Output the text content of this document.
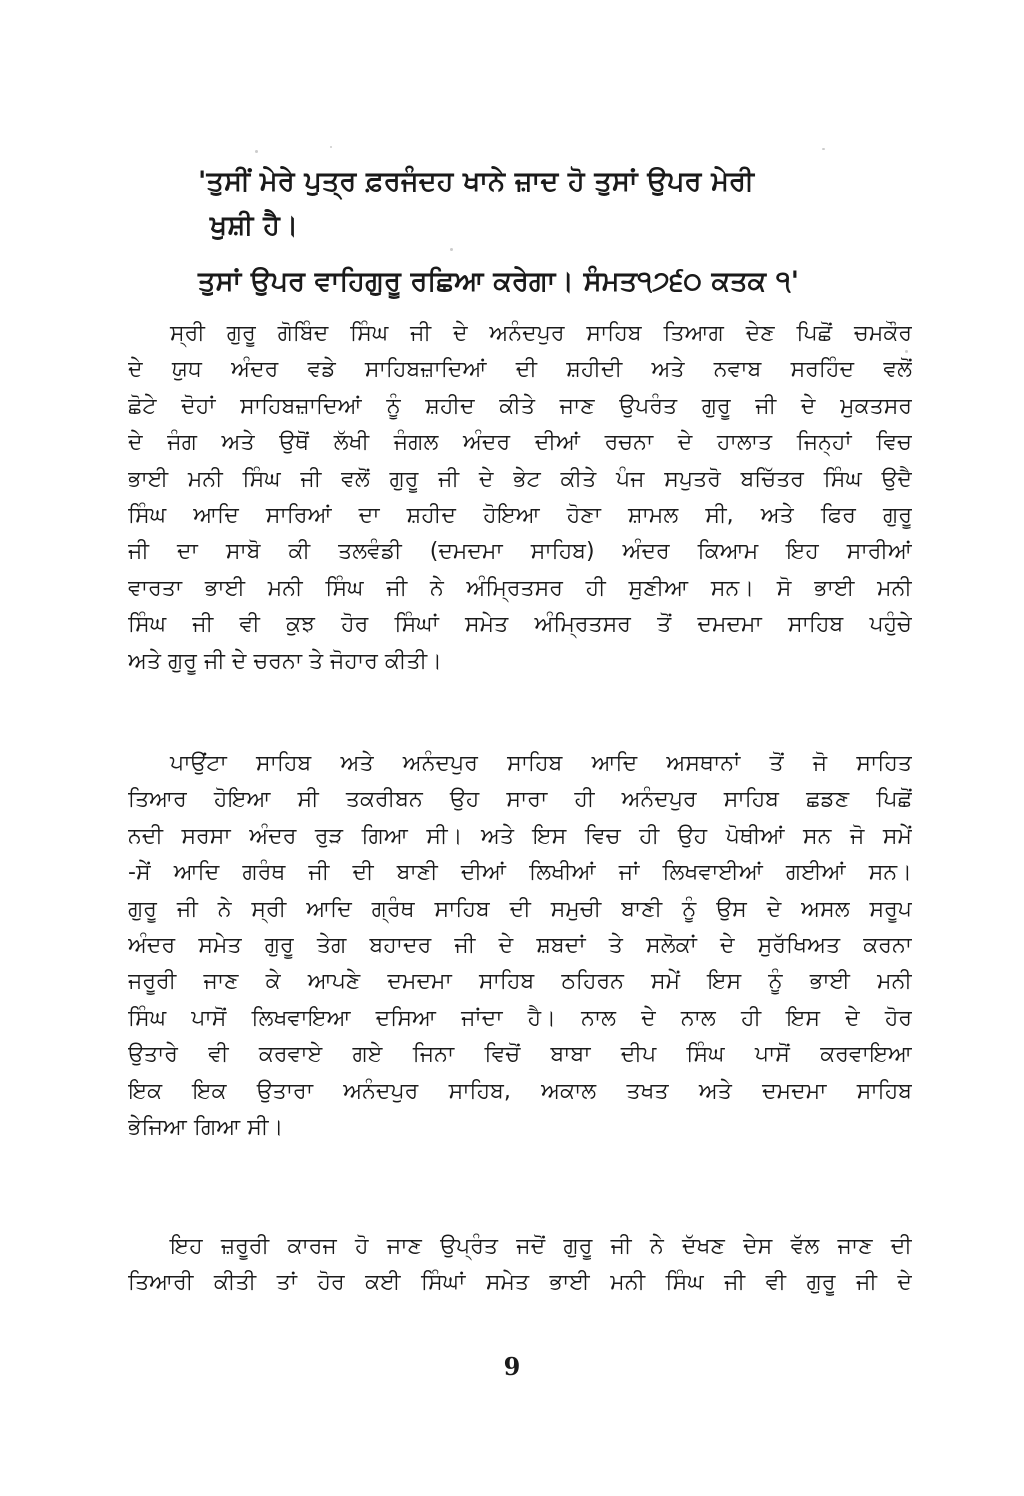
'ਤੁਸੀਂ ਮੇਰੇ ਪੁਤ੍ਰ ਫ਼ਰਜੰਦਹ ਖਾਨੇ ਜ਼ਾਦ ਹੋ ਤੁਸਾਂ ਉਪਰ ਮੇਰੀ
ਖੁਸ਼ੀ ਹੈ।
ਤੁਸਾਂ ਉਪਰ ਵਾਹਿਗੁਰੂ ਰਛਿਆ ਕਰੇਗਾ। ਸੰਮਤ੧੭੬੦ ਕਤਕ ੧'
ਸ੍ਰੀ ਗੁਰੂ ਗੋਬਿੰਦ ਸਿੰਘ ਜੀ ਦੇ ਅਨੰਦਪੁਰ ਸਾਹਿਬ ਤਿਆਗ ਦੇਣ ਪਿਛੋਂ ਚਮਕੌਰ
ਦੇ ਯੁਧ ਅੰਦਰ ਵਡੇ ਸਾਹਿਬਜ਼ਾਦਿਆਂ ਦੀ ਸ਼ਹੀਦੀ ਅਤੇ ਨਵਾਬ ਸਰਹਿੰਦ ਵਲੋਂ
ਛੋਟੇ ਦੋਹਾਂ ਸਾਹਿਬਜ਼ਾਦਿਆਂ ਨੂੰ ਸ਼ਹੀਦ ਕੀਤੇ ਜਾਣ ਉਪਰੰਤ ਗੁਰੂ ਜੀ ਦੇ ਮੁਕਤਸਰ
ਦੇ ਜੰਗ ਅਤੇ ਉਥੋਂ ਲੱਖੀ ਜੰਗਲ ਅੰਦਰ ਦੀਆਂ ਰਚਨਾ ਦੇ ਹਾਲਾਤ ਜਿਨ੍ਹਾਂ ਵਿਚ
ਭਾਈ ਮਨੀ ਸਿੰਘ ਜੀ ਵਲੋਂ ਗੁਰੂ ਜੀ ਦੇ ਭੇਟ ਕੀਤੇ ਪੰਜ ਸਪੁਤਰੋ ਬਚਿੱਤਰ ਸਿੰਘ ਉਦੈ
ਸਿੰਘ ਆਦਿ ਸਾਰਿਆਂ ਦਾ ਸ਼ਹੀਦ ਹੋਇਆ ਹੋਣਾ ਸ਼ਾਮਲ ਸੀ, ਅਤੇ ਫਿਰ ਗੁਰੂ
ਜੀ ਦਾ ਸਾਬੋ ਕੀ ਤਲਵੰਡੀ (ਦਮਦਮਾ ਸਾਹਿਬ) ਅੰਦਰ ਕਿਆਮ ਇਹ ਸਾਰੀਆਂ
ਵਾਰਤਾ ਭਾਈ ਮਨੀ ਸਿੰਘ ਜੀ ਨੇ ਅੰਮ੍ਰਿਤਸਰ ਹੀ ਸੁਣੀਆ ਸਨ। ਸੋ ਭਾਈ ਮਨੀ
ਸਿੰਘ ਜੀ ਵੀ ਕੁਝ ਹੋਰ ਸਿੰਘਾਂ ਸਮੇਤ ਅੰਮ੍ਰਿਤਸਰ ਤੋਂ ਦਮਦਮਾ ਸਾਹਿਬ ਪਹੁੰਚੇ
ਅਤੇ ਗੁਰੂ ਜੀ ਦੇ ਚਰਨਾ ਤੇ ਜੋਹਾਰ ਕੀਤੀ।
ਪਾਉਂਟਾ ਸਾਹਿਬ ਅਤੇ ਅਨੰਦਪੁਰ ਸਾਹਿਬ ਆਦਿ ਅਸਥਾਨਾਂ ਤੋਂ ਜੋ ਸਾਹਿਤ
ਤਿਆਰ ਹੋਇਆ ਸੀ ਤਕਰੀਬਨ ਉਹ ਸਾਰਾ ਹੀ ਅਨੰਦਪੁਰ ਸਾਹਿਬ ਛਡਣ ਪਿਛੋਂ
ਨਦੀ ਸਰਸਾ ਅੰਦਰ ਰੁੜ ਗਿਆ ਸੀ। ਅਤੇ ਇਸ ਵਿਚ ਹੀ ਉਹ ਪੋਥੀਆਂ ਸਨ ਜੋ ਸਮੇਂ
-ਸੇਂ ਆਦਿ ਗਰੰਥ ਜੀ ਦੀ ਬਾਣੀ ਦੀਆਂ ਲਿਖੀਆਂ ਜਾਂ ਲਿਖਵਾਈਆਂ ਗਈਆਂ ਸਨ।
ਗੁਰੂ ਜੀ ਨੇ ਸ੍ਰੀ ਆਦਿ ਗ੍ਰੰਥ ਸਾਹਿਬ ਦੀ ਸਮੁਚੀ ਬਾਣੀ ਨੂੰ ਉਸ ਦੇ ਅਸਲ ਸਰੂਪ
ਅੰਦਰ ਸਮੇਤ ਗੁਰੂ ਤੇਗ ਬਹਾਦਰ ਜੀ ਦੇ ਸ਼ਬਦਾਂ ਤੇ ਸਲੋਕਾਂ ਦੇ ਸੁਰੱਖਿਅਤ ਕਰਨਾ
ਜਰੂਰੀ ਜਾਣ ਕੇ ਆਪਣੇ ਦਮਦਮਾ ਸਾਹਿਬ ਠਹਿਰਨ ਸਮੇਂ ਇਸ ਨੂੰ ਭਾਈ ਮਨੀ
ਸਿੰਘ ਪਾਸੋਂ ਲਿਖਵਾਇਆ ਦਸਿਆ ਜਾਂਦਾ ਹੈ। ਨਾਲ ਦੇ ਨਾਲ ਹੀ ਇਸ ਦੇ ਹੋਰ
ਉਤਾਰੇ ਵੀ ਕਰਵਾਏ ਗਏ ਜਿਨਾ ਵਿਚੋਂ ਬਾਬਾ ਦੀਪ ਸਿੰਘ ਪਾਸੋਂ ਕਰਵਾਇਆ
ਇਕ ਇਕ ਉਤਾਰਾ ਅਨੰਦਪੁਰ ਸਾਹਿਬ, ਅਕਾਲ ਤਖਤ ਅਤੇ ਦਮਦਮਾ ਸਾਹਿਬ
ਭੇਜਿਆ ਗਿਆ ਸੀ।
ਇਹ ਜ਼ਰੂਰੀ ਕਾਰਜ ਹੋ ਜਾਣ ਉਪ੍ਰੰਤ ਜਦੋਂ ਗੁਰੂ ਜੀ ਨੇ ਦੱਖਣ ਦੇਸ ਵੱਲ ਜਾਣ ਦੀ
ਤਿਆਰੀ ਕੀਤੀ ਤਾਂ ਹੋਰ ਕਈ ਸਿੰਘਾਂ ਸਮੇਤ ਭਾਈ ਮਨੀ ਸਿੰਘ ਜੀ ਵੀ ਗੁਰੂ ਜੀ ਦੇ
9
